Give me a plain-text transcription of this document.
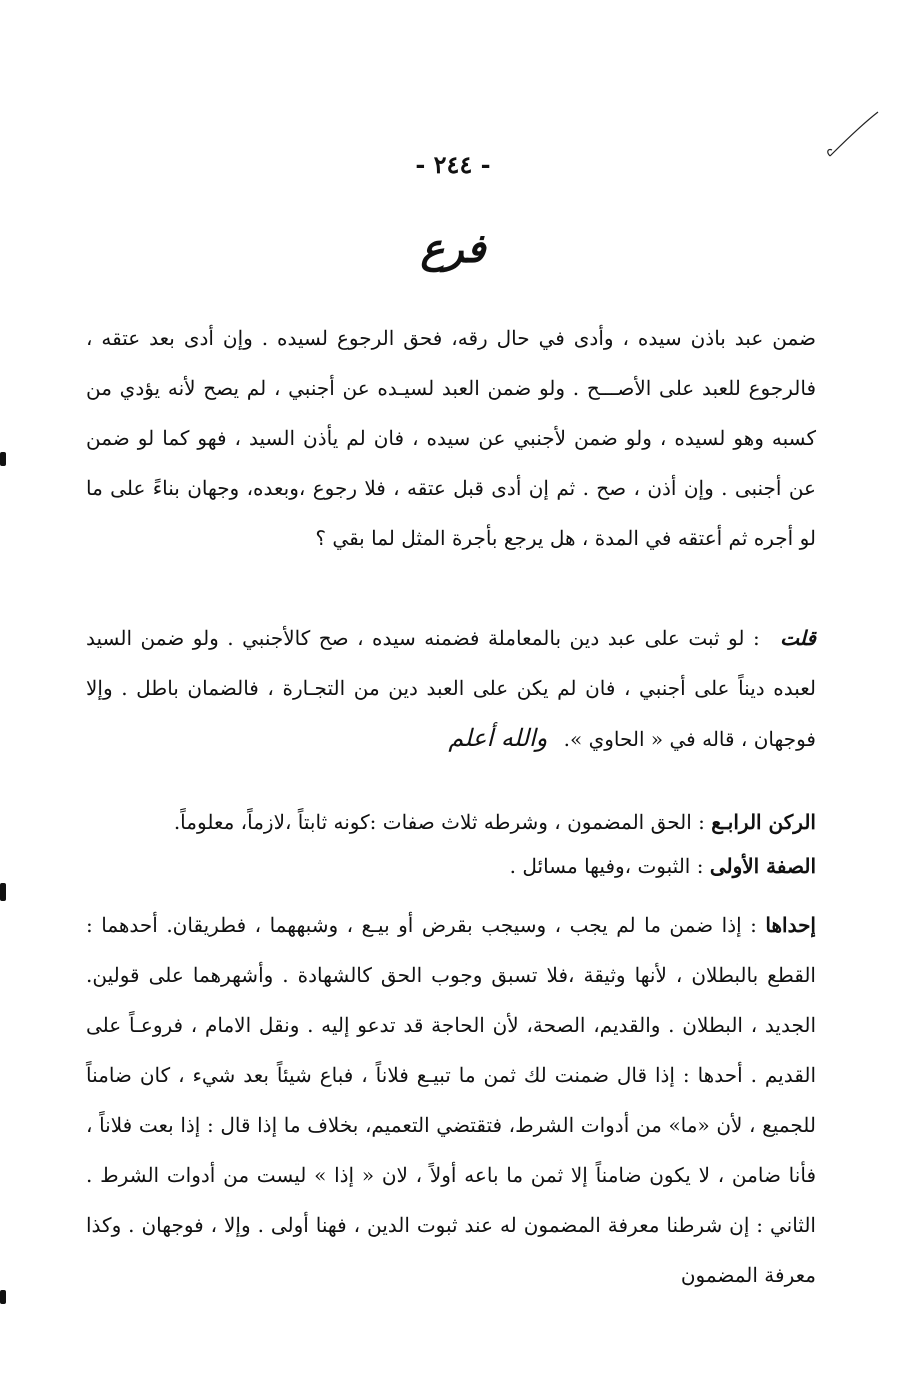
- ٢٤٤ -
فرع

ضمن عبد باذن سيده ، وأدى في حال رقه، فحق الرجوع لسيده . وإن أدى بعد عتقه ، فالرجوع للعبد على الأصـــح . ولو ضمن العبد لسيـده عن أجنبي ، لم يصح لأنه يؤدي من كسبه وهو لسيده ، ولو ضمن لأجنبي عن سيده ، فان لم يأذن السيد ، فهو كما لو ضمن عن أجنبى . وإن أذن ، صح . ثم إن أدى قبل عتقه ، فلا رجوع ،وبعده، وجهان بناءً على ما لو أجره ثم أعتقه في المدة ، هل يرجع بأجرة المثل لما بقي ؟

قلت : لو ثبت على عبد دين بالمعاملة فضمنه سيده ، صح كالأجنبي . ولو ضمن السيد لعبده ديناً على أجنبي ، فان لم يكن على العبد دين من التجـارة ، فالضمان باطل . وإلا فوجهان ، قاله في « الحاوي ». والله أعلم

الركن الرابـع : الحق المضمون ، وشرطه ثلاث صفات :كونه ثابتاً ،لازماً، معلوماً.

الصفة الأولى : الثبوت ،وفيها مسائل .

إحداها : إذا ضمن ما لم يجب ، وسيجب بقرض أو بيـع ، وشبههما ، فطريقان. أحدهما : القطع بالبطلان ، لأنها وثيقة ،فلا تسبق وجوب الحق كالشهادة . وأشهرهما على قولين. الجديد ، البطلان . والقديم، الصحة، لأن الحاجة قد تدعو إليه . ونقل الامام ، فروعـاً على القديم . أحدها : إذا قال ضمنت لك ثمن ما تبيـع فلاناً ، فباع شيئاً بعد شيء ، كان ضامناً للجميع ، لأن «ما» من أدوات الشرط، فتقتضي التعميم، بخلاف ما إذا قال : إذا بعت فلاناً ، فأنا ضامن ، لا يكون ضامناً إلا ثمن ما باعه أولاً ، لان « إذا » ليست من أدوات الشرط . الثاني : إن شرطنا معرفة المضمون له عند ثبوت الدين ، فهنا أولى . وإلا ، فوجهان . وكذا معرفة المضمون
